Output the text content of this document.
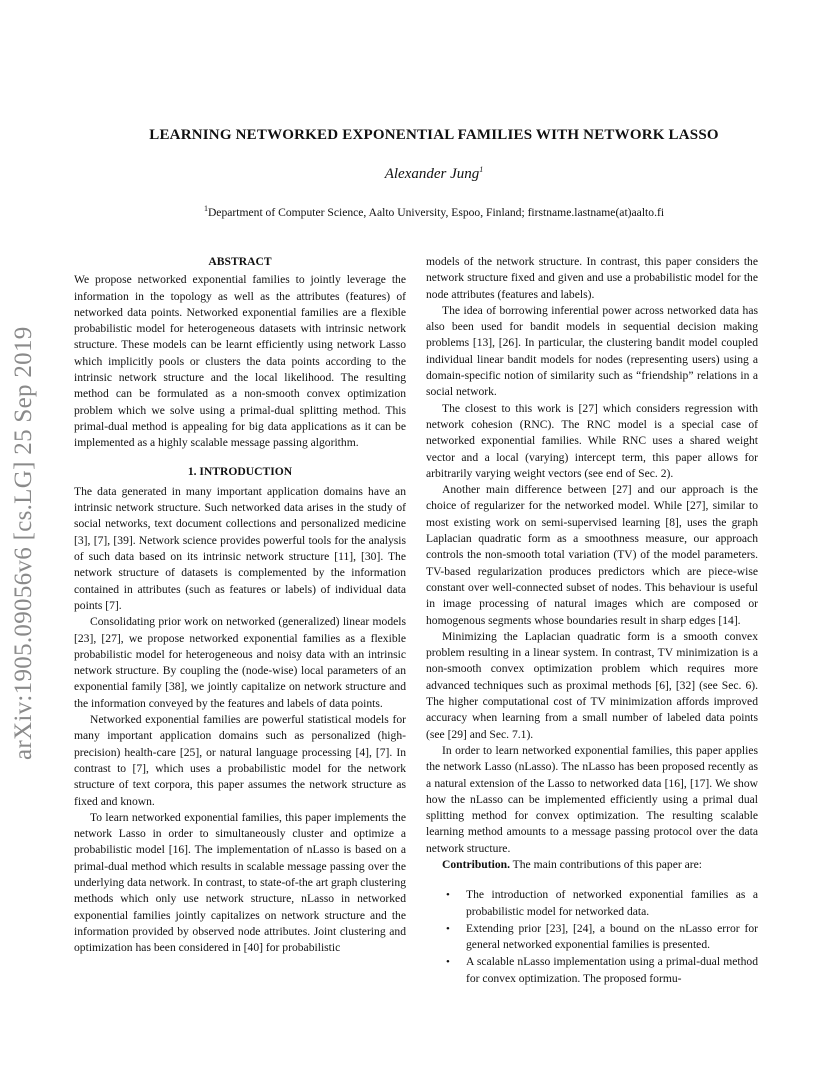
arXiv:1905.09056v6 [cs.LG] 25 Sep 2019
LEARNING NETWORKED EXPONENTIAL FAMILIES WITH NETWORK LASSO
Alexander Jung$^1$
$^1$Department of Computer Science, Aalto University, Espoo, Finland; firstname.lastname(at)aalto.fi
ABSTRACT

We propose networked exponential families to jointly leverage the information in the topology as well as the attributes (features) of networked data points. Networked exponential families are a flexible probabilistic model for heterogeneous datasets with intrinsic network structure. These models can be learnt efficiently using network Lasso which implicitly pools or clusters the data points according to the intrinsic network structure and the local likelihood. The resulting method can be formulated as a non-smooth convex optimization problem which we solve using a primal-dual splitting method. This primal-dual method is appealing for big data applications as it can be implemented as a highly scalable message passing algorithm.

1. INTRODUCTION

The data generated in many important application domains have an intrinsic network structure. Such networked data arises in the study of social networks, text document collections and personalized medicine [3], [7], [39]. Network science provides powerful tools for the analysis of such data based on its intrinsic network structure [11], [30]. The network structure of datasets is complemented by the information contained in attributes (such as features or labels) of individual data points [7].

Consolidating prior work on networked (generalized) linear models [23], [27], we propose networked exponential families as a flexible probabilistic model for heterogeneous and noisy data with an intrinsic network structure. By coupling the (node-wise) local parameters of an exponential family [38], we jointly capitalize on network structure and the information conveyed by the features and labels of data points.

Networked exponential families are powerful statistical models for many important application domains such as personalized (high-precision) health-care [25], or natural language processing [4], [7]. In contrast to [7], which uses a probabilistic model for the network structure of text corpora, this paper assumes the network structure as fixed and known.

To learn networked exponential families, this paper implements the network Lasso in order to simultaneously cluster and optimize a probabilistic model [16]. The implementation of nLasso is based on a primal-dual method which results in scalable message passing over the underlying data network. In contrast, to state-of-the art graph clustering methods which only use network structure, nLasso in networked exponential families jointly capitalizes on network structure and the information provided by observed node attributes. Joint clustering and optimization has been considered in [40] for probabilistic

models of the network structure. In contrast, this paper considers the network structure fixed and given and use a probabilistic model for the node attributes (features and labels).

The idea of borrowing inferential power across networked data has also been used for bandit models in sequential decision making problems [13], [26]. In particular, the clustering bandit model coupled individual linear bandit models for nodes (representing users) using a domain-specific notion of similarity such as “friendship” relations in a social network.

The closest to this work is [27] which considers regression with network cohesion (RNC). The RNC model is a special case of networked exponential families. While RNC uses a shared weight vector and a local (varying) intercept term, this paper allows for arbitrarily varying weight vectors (see end of Sec. 2).

Another main difference between [27] and our approach is the choice of regularizer for the networked model. While [27], similar to most existing work on semi-supervised learning [8], uses the graph Laplacian quadratic form as a smoothness measure, our approach controls the non-smooth total variation (TV) of the model parameters. TV-based regularization produces predictors which are piece-wise constant over well-connected subset of nodes. This behaviour is useful in image processing of natural images which are composed or homogenous segments whose boundaries result in sharp edges [14].

Minimizing the Laplacian quadratic form is a smooth convex problem resulting in a linear system. In contrast, TV minimization is a non-smooth convex optimization problem which requires more advanced techniques such as proximal methods [6], [32] (see Sec. 6). The higher computational cost of TV minimization affords improved accuracy when learning from a small number of labeled data points (see [29] and Sec. 7.1).

In order to learn networked exponential families, this paper applies the network Lasso (nLasso). The nLasso has been proposed recently as a natural extension of the Lasso to networked data [16], [17]. We show how the nLasso can be implemented efficiently using a primal dual splitting method for convex optimization. The resulting scalable learning method amounts to a message passing protocol over the data network structure.

Contribution. The main contributions of this paper are:

• The introduction of networked exponential families as a probabilistic model for networked data.
• Extending prior [23], [24], a bound on the nLasso error for general networked exponential families is presented.
• A scalable nLasso implementation using a primal-dual method for convex optimization. The proposed formu-
